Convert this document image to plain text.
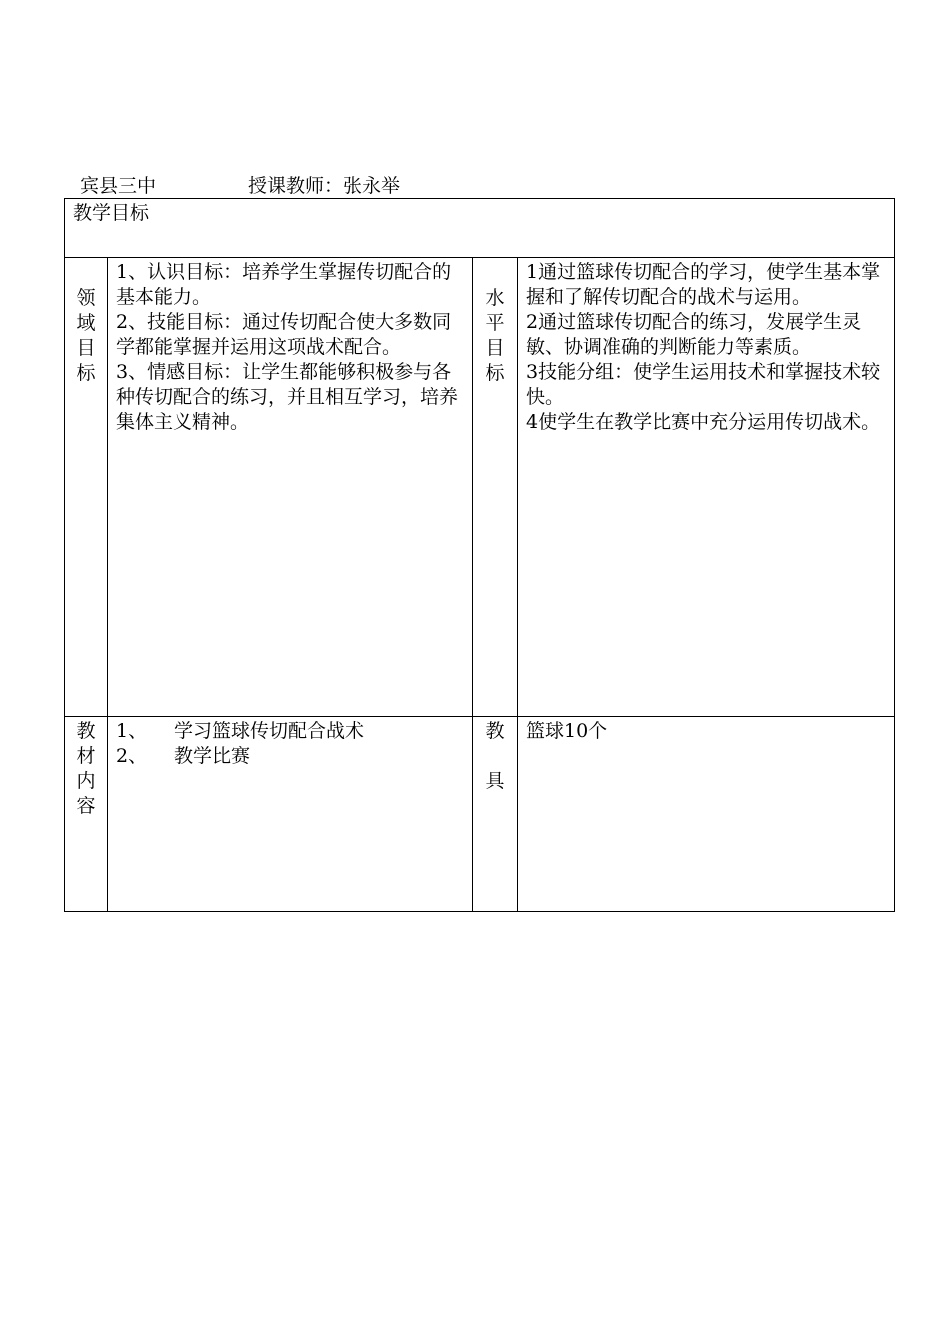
宾县三中	授课教师：张永举
教学目标			

领
域
目
标	1、认识目标：培养学生掌握传切配合的基本能力。
2、技能目标：通过传切配合使大多数同学都能掌握并运用这项战术配合。
3、情感目标：让学生都能够积极参与各种传切配合的练习，并且相互学习，培养集体主义精神。	水
平
目
标	1通过篮球传切配合的学习，使学生基本掌握和了解传切配合的战术与运用。
2通过篮球传切配合的练习，发展学生灵敏、协调准确的判断能力等素质。
3技能分组：使学生运用技术和掌握技术较快。
4使学生在教学比赛中充分运用传切战术。

教
材
内
容	1、 学习篮球传切配合战术
2、 教学比赛	教
具	篮球10个
